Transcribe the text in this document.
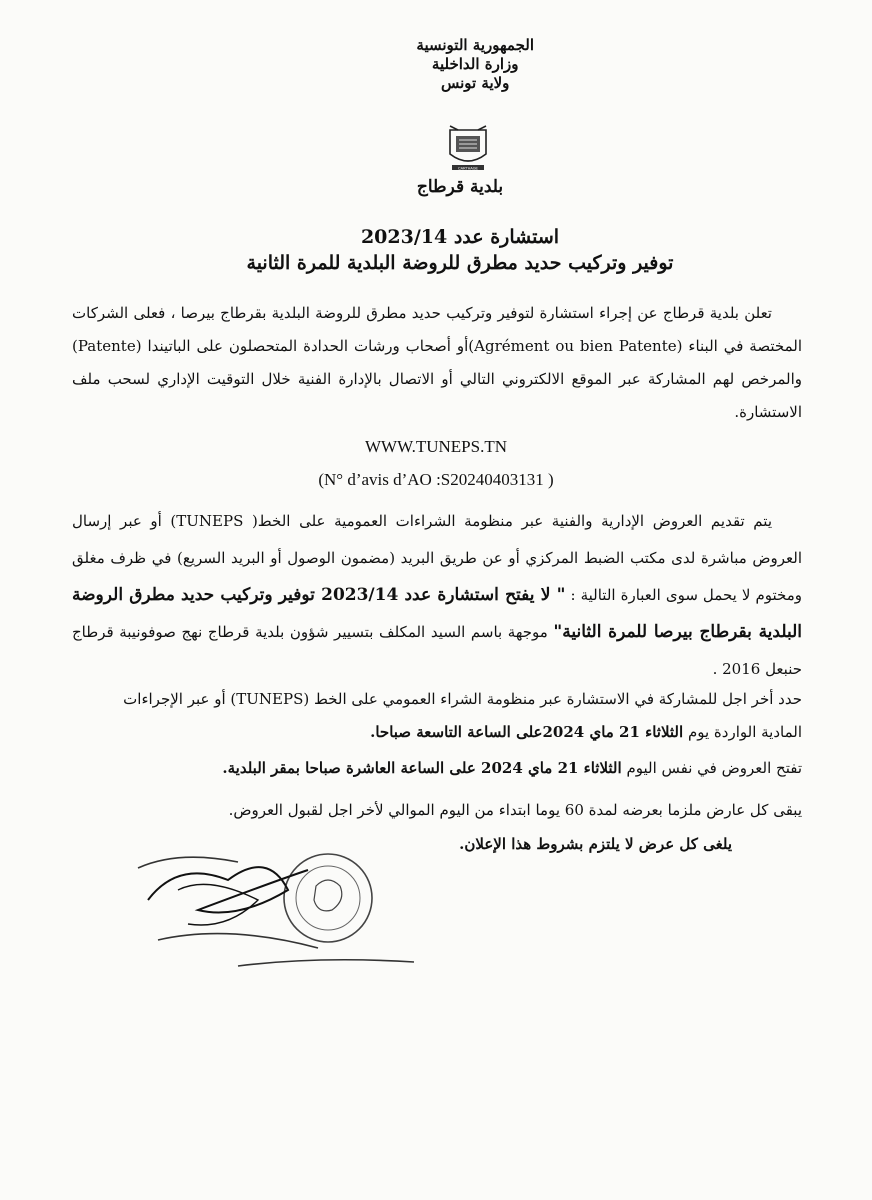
الجمهورية التونسية
وزارة الداخلية
ولاية تونس
CARTHAGE
بلدية قرطاج
استشارة عدد 2023/14
توفير وتركيب حديد مطرق للروضة البلدية للمرة الثانية
تعلن بلدية قرطاج عن إجراء استشارة لتوفير وتركيب حديد مطرق للروضة البلدية بقرطاج بيرصا ، فعلى الشركات المختصة في البناء (Agrément ou bien Patente)أو أصحاب ورشات الحدادة المتحصلون على الباتيندا (Patente) والمرخص لهم المشاركة عبر الموقع الالكتروني التالي أو الاتصال بالإدارة الفنية خلال التوقيت الإداري لسحب ملف الاستشارة.
WWW.TUNEPS.TN
(N° d’avis d’AO :S20240403131 )
يتم تقديم العروض الإدارية والفنية عبر منظومة الشراءات العمومية على الخط( TUNEPS) أو عبر إرسال العروض مباشرة لدى مكتب الضبط المركزي أو عن طريق البريد (مضمون الوصول أو البريد السريع) في ظرف مغلق ومختوم لا يحمل سوى العبارة التالية : " لا يفتح استشارة عدد 2023/14 توفير وتركيب حديد مطرق الروضة البلدية بقرطاج بيرصا للمرة الثانية" موجهة باسم السيد المكلف بتسيير شؤون بلدية قرطاج نهج صوفونيبة قرطاج حنبعل 2016 .
حدد أخر اجل للمشاركة في الاستشارة عبر منظومة الشراء العمومي على الخط (TUNEPS) أو عبر الإجراءات
المادية الواردة يوم الثلاثاء 21 ماي 2024على الساعة التاسعة صباحا.
تفتح العروض في نفس اليوم الثلاثاء 21 ماي 2024 على الساعة العاشرة صباحا بمقر البلدية.
يبقى كل عارض ملزما بعرضه لمدة 60 يوما ابتداء من اليوم الموالي لأخر اجل لقبول العروض.
يلغى كل عرض لا يلتزم بشروط هذا الإعلان.
